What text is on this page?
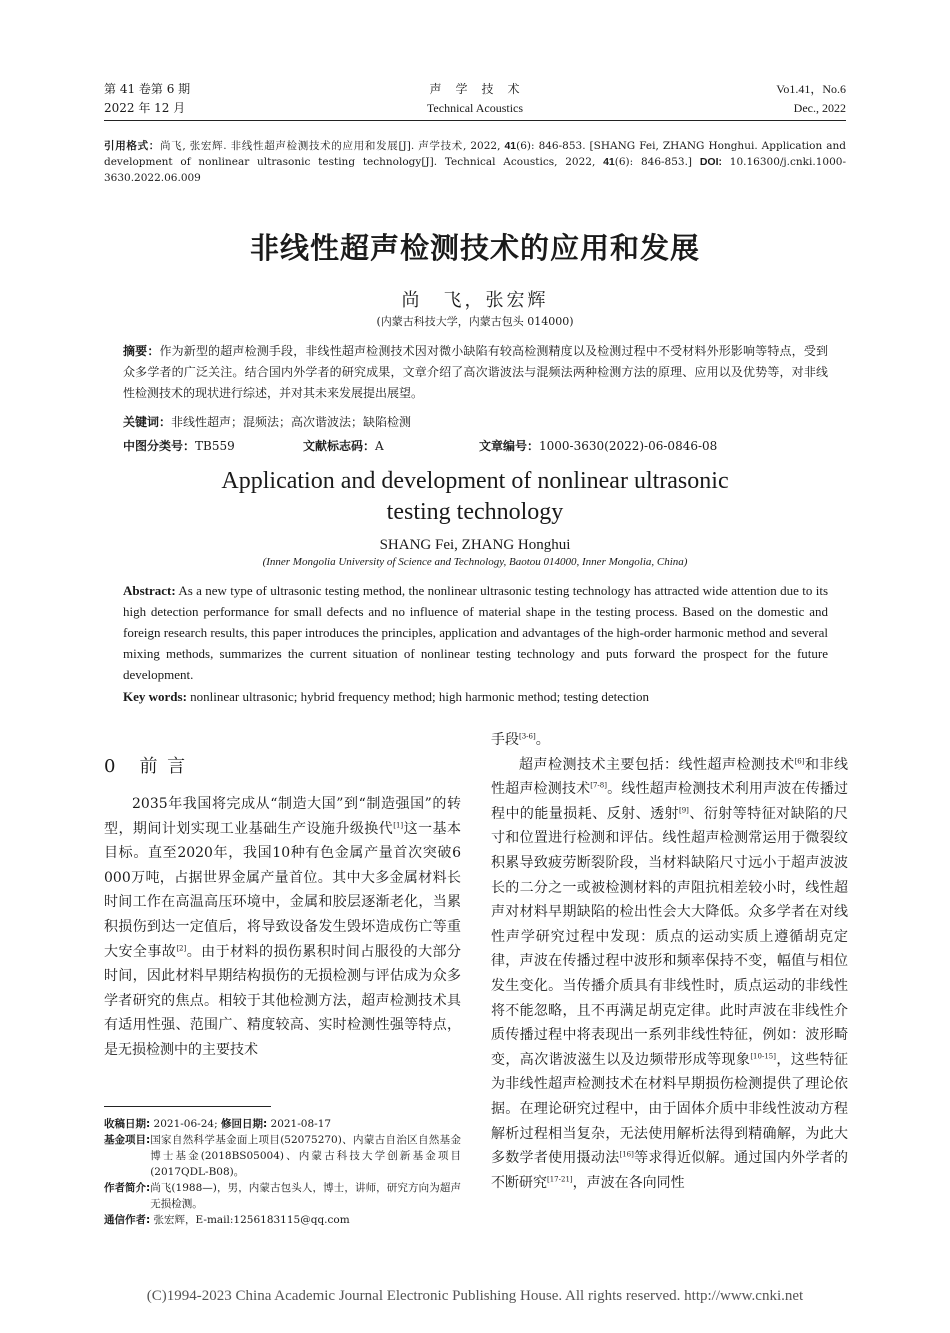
第 41 卷第 6 期
2022 年 12 月
声　学　技　术
Technical Acoustics
Vo1.41，No.6
Dec., 2022
引用格式：尚飞, 张宏辉. 非线性超声检测技术的应用和发展[J]. 声学技术, 2022, 41(6): 846-853. [SHANG Fei, ZHANG Honghui. Application and development of nonlinear ultrasonic testing technology[J]. Technical Acoustics, 2022, 41(6): 846-853.] DOI: 10.16300/j.cnki.1000-3630.2022.06.009
非线性超声检测技术的应用和发展
尚　飞，张宏辉
(内蒙古科技大学，内蒙古包头 014000)
摘要：作为新型的超声检测手段，非线性超声检测技术因对微小缺陷有较高检测精度以及检测过程中不受材料外形影响等特点，受到众多学者的广泛关注。结合国内外学者的研究成果，文章介绍了高次谐波法与混频法两种检测方法的原理、应用以及优势等，对非线性检测技术的现状进行综述，并对其未来发展提出展望。
关键词：非线性超声；混频法；高次谐波法；缺陷检测
中图分类号：TB559	文献标志码：A	文章编号：1000-3630(2022)-06-0846-08
Application and development of nonlinear ultrasonic
testing technology
SHANG Fei, ZHANG Honghui
(Inner Mongolia University of Science and Technology, Baotou 014000, Inner Mongolia, China)
Abstract: As a new type of ultrasonic testing method, the nonlinear ultrasonic testing technology has attracted wide attention due to its high detection performance for small defects and no influence of material shape in the testing process. Based on the domestic and foreign research results, this paper introduces the principles, application and advantages of the high-order harmonic method and several mixing methods, summarizes the current situation of nonlinear testing technology and puts forward the prospect for the future development.
Key words: nonlinear ultrasonic; hybrid frequency method; high harmonic method; testing detection
0 前 言

2035年我国将完成从“制造大国”到“制造强国”的转型，期间计划实现工业基础生产设施升级换代[1]这一基本目标。直至2020年，我国10种有色金属产量首次突破6 000万吨，占据世界金属产量首位。其中大多金属材料长时间工作在高温高压环境中，金属和胶层逐渐老化，当累积损伤到达一定值后，将导致设备发生毁坏造成伤亡等重大安全事故[2]。由于材料的损伤累积时间占服役的大部分时间，因此材料早期结构损伤的无损检测与评估成为众多学者研究的焦点。相较于其他检测方法，超声检测技术具有适用性强、范围广、精度较高、实时检测性强等特点，是无损检测中的主要技术

收稿日期: 2021-06-24; 修回日期: 2021-08-17
基金项目: 国家自然科学基金面上项目(52075270)、内蒙古自治区自然基金博士基金(2018BS05004)、内蒙古科技大学创新基金项目(2017QDL-B08)。
作者简介: 尚飞(1988—)，男，内蒙古包头人，博士，讲师，研究方向为超声无损检测。
通信作者: 张宏辉，E-mail:1256183115@qq.com

手段[3-6]。

超声检测技术主要包括：线性超声检测技术[6]和非线性超声检测技术[7-8]。线性超声检测技术利用声波在传播过程中的能量损耗、反射、透射[9]、衍射等特征对缺陷的尺寸和位置进行检测和评估。线性超声检测常运用于微裂纹积累导致疲劳断裂阶段，当材料缺陷尺寸远小于超声波波长的二分之一或被检测材料的声阻抗相差较小时，线性超声对材料早期缺陷的检出性会大大降低。众多学者在对线性声学研究过程中发现：质点的运动实质上遵循胡克定律，声波在传播过程中波形和频率保持不变，幅值与相位发生变化。当传播介质具有非线性时，质点运动的非线性将不能忽略，且不再满足胡克定律。此时声波在非线性介质传播过程中将表现出一系列非线性特征，例如：波形畸变，高次谐波滋生以及边频带形成等现象[10-15]，这些特征为非线性超声检测技术在材料早期损伤检测提供了理论依据。在理论研究过程中，由于固体介质中非线性波动方程解析过程相当复杂，无法使用解析法得到精确解，为此大多数学者使用摄动法[16]等求得近似解。通过国内外学者的不断研究[17-21]，声波在各向同性

(C)1994-2023 China Academic Journal Electronic Publishing House. All rights reserved. http://www.cnki.net
